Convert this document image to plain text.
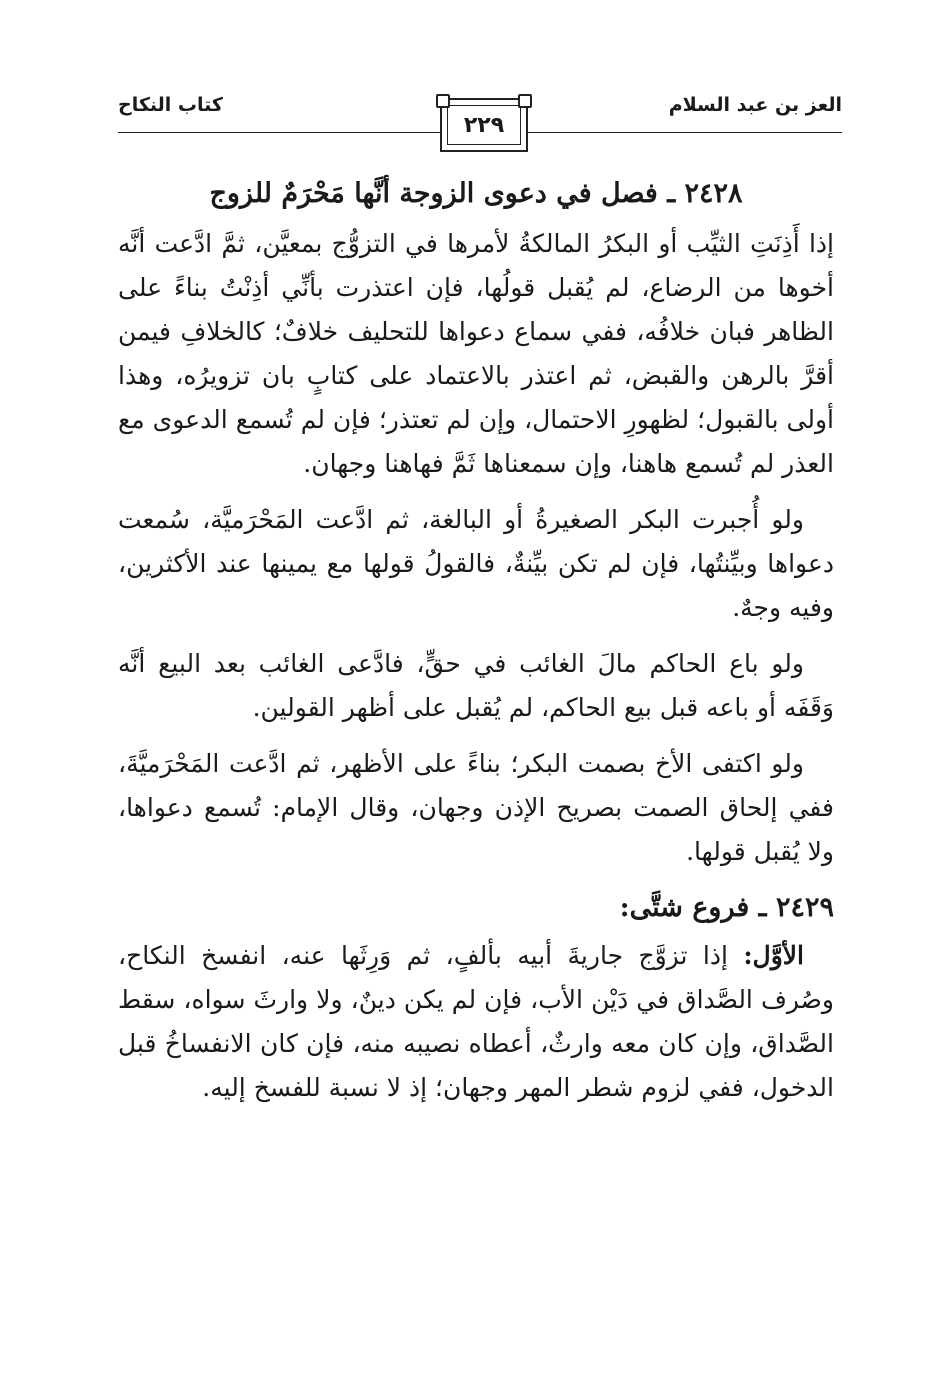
العز بن عبد السلام
كتاب النكاح
٢٢٩
٢٤٢٨ ـ فصل في دعوى الزوجة أنَّها مَحْرَمٌ للزوج

إذا أَذِنَتِ الثيِّب أو البكرُ المالكةُ لأمرها في التزوُّج بمعيَّن، ثمَّ ادَّعت أنَّه أخوها من الرضاع، لم يُقبل قولُها، فإن اعتذرت بأنِّي أذِنْتُ بناءً على الظاهر فبان خلافُه، ففي سماع دعواها للتحليف خلافٌ؛ كالخلافِ فيمن أقرَّ بالرهن والقبض، ثم اعتذر بالاعتماد على كتابٍ بان تزويرُه، وهذا أولى بالقبول؛ لظهورِ الاحتمال، وإن لم تعتذر؛ فإن لم تُسمع الدعوى مع العذر لم تُسمع هاهنا، وإن سمعناها ثَمَّ فهاهنا وجهان.

ولو أُجبرت البكر الصغيرةُ أو البالغة، ثم ادَّعت المَحْرَميَّة، سُمعت دعواها وبيِّنتُها، فإن لم تكن بيِّنةٌ، فالقولُ قولها مع يمينها عند الأكثرين، وفيه وجهٌ.

ولو باع الحاكم مالَ الغائب في حقٍّ، فادَّعى الغائب بعد البيع أنَّه وَقَفَه أو باعه قبل بيع الحاكم، لم يُقبل على أظهر القولين.

ولو اكتفى الأخ بصمت البكر؛ بناءً على الأظهر، ثم ادَّعت المَحْرَميَّةَ، ففي إلحاق الصمت بصريح الإذن وجهان، وقال الإمام: تُسمع دعواها، ولا يُقبل قولها.

٢٤٢٩ ـ فروع شتَّى:

الأوَّل: إذا تزوَّج جاريةَ أبيه بألفٍ، ثم وَرِثَها عنه، انفسخ النكاح، وصُرف الصَّداق في دَيْن الأب، فإن لم يكن دينٌ، ولا وارثَ سواه، سقط الصَّداق، وإن كان معه وارثٌ، أعطاه نصيبه منه، فإن كان الانفساخُ قبل الدخول، ففي لزوم شطر المهر وجهان؛ إذ لا نسبة للفسخ إليه.
